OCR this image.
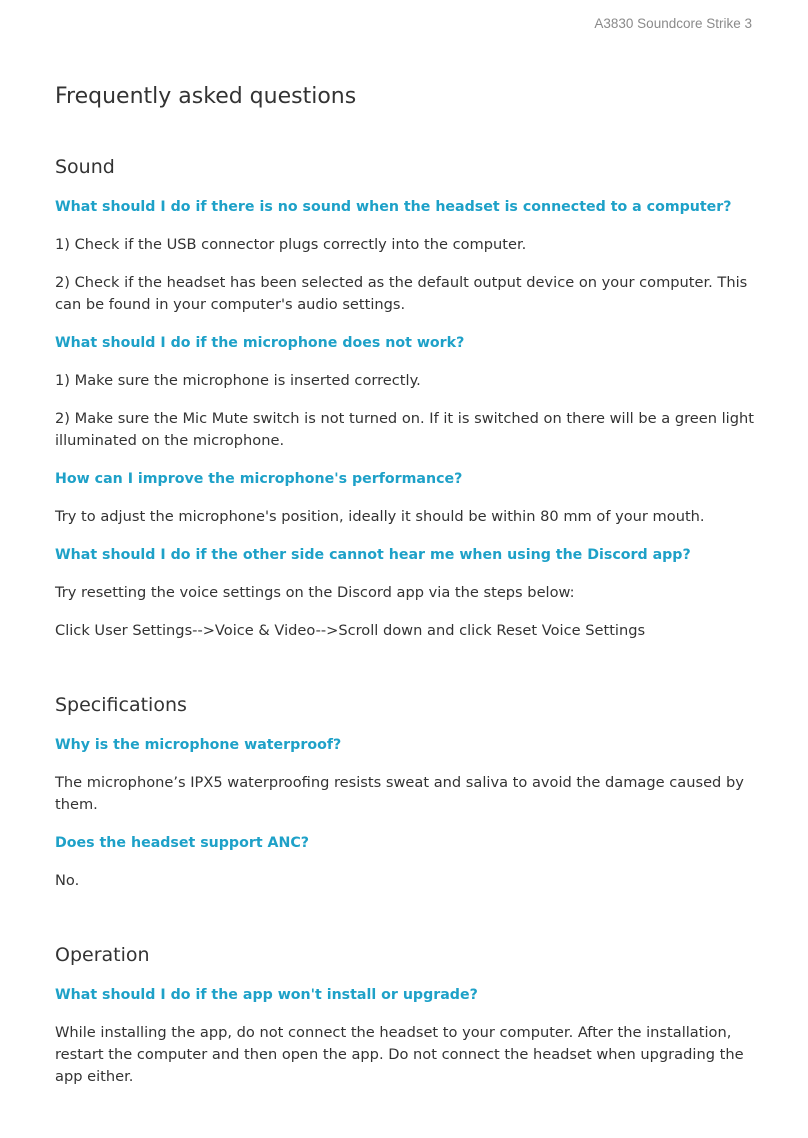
A3830 Soundcore Strike 3
Frequently asked questions
Sound

What should I do if there is no sound when the headset is connected to a computer?

1) Check if the USB connector plugs correctly into the computer.

2) Check if the headset has been selected as the default output device on your computer. This can be found in your computer's audio settings.

What should I do if the microphone does not work?

1) Make sure the microphone is inserted correctly.

2) Make sure the Mic Mute switch is not turned on. If it is switched on there will be a green light illuminated on the microphone.

How can I improve the microphone's performance?

Try to adjust the microphone's position, ideally it should be within 80 mm of your mouth.

What should I do if the other side cannot hear me when using the Discord app?

Try resetting the voice settings on the Discord app via the steps below:

Click User Settings-->Voice & Video-->Scroll down and click Reset Voice Settings

Specifications

Why is the microphone waterproof?

The microphone’s IPX5 waterproofing resists sweat and saliva to avoid the damage caused by them.

Does the headset support ANC?

No.

Operation

What should I do if the app won't install or upgrade?

While installing the app, do not connect the headset to your computer. After the installation, restart the computer and then open the app. Do not connect the headset when upgrading the app either.
